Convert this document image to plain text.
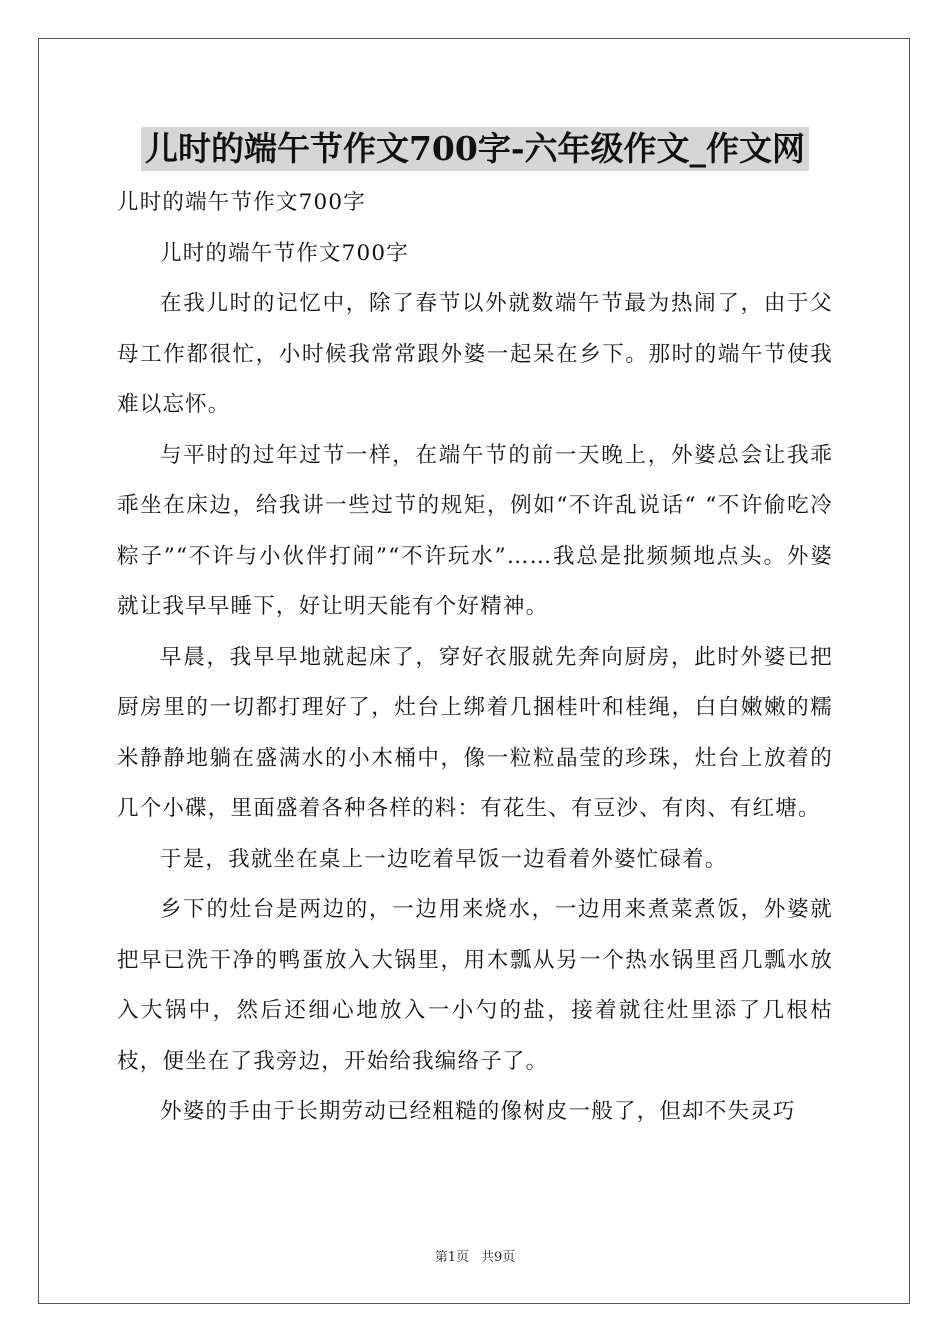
儿时的端午节作文700字-六年级作文_作文网

儿时的端午节作文700字

儿时的端午节作文700字

在我儿时的记忆中，除了春节以外就数端午节最为热闹了，由于父母工作都很忙，小时候我常常跟外婆一起呆在乡下。那时的端午节使我难以忘怀。

与平时的过年过节一样，在端午节的前一天晚上，外婆总会让我乖乖坐在床边，给我讲一些过节的规矩，例如“不许乱说话“ “不许偷吃冷粽子”“不许与小伙伴打闹”“不许玩水”……我总是批频频地点头。外婆就让我早早睡下，好让明天能有个好精神。

早晨，我早早地就起床了，穿好衣服就先奔向厨房，此时外婆已把厨房里的一切都打理好了，灶台上绑着几捆桂叶和桂绳，白白嫩嫩的糯米静静地躺在盛满水的小木桶中，像一粒粒晶莹的珍珠，灶台上放着的几个小碟，里面盛着各种各样的料：有花生、有豆沙、有肉、有红塘。

于是，我就坐在桌上一边吃着早饭一边看着外婆忙碌着。

乡下的灶台是两边的，一边用来烧水，一边用来煮菜煮饭，外婆就把早已洗干净的鸭蛋放入大锅里，用木瓢从另一个热水锅里舀几瓢水放入大锅中，然后还细心地放入一小勺的盐，接着就往灶里添了几根枯枝，便坐在了我旁边，开始给我编络子了。

外婆的手由于长期劳动已经粗糙的像树皮一般了，但却不失灵巧

第1页 共9页
